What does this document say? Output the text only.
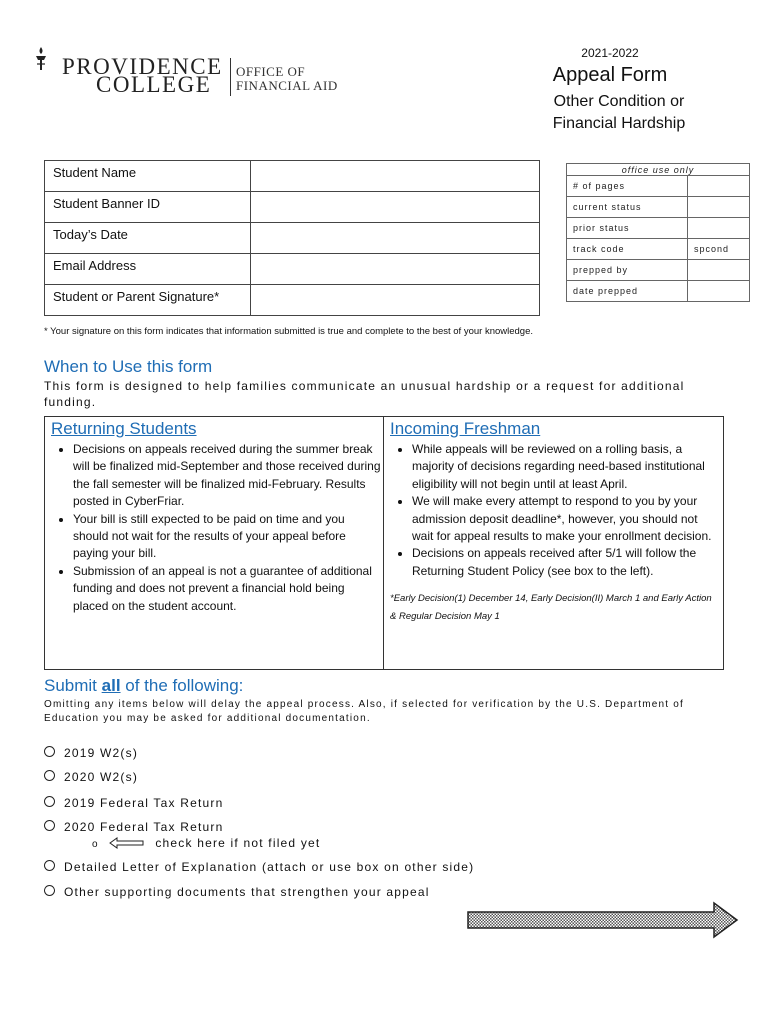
PROVIDENCE
COLLEGE
OFFICE OF
FINANCIAL AID
2021-2022
Appeal Form
Other Condition or
Financial Hardship
Student Name	
Student Banner ID	
Today’s Date	
Email Address	
Student or Parent Signature*	
office use only	
# of pages	
current status	
prior status	
track code	spcond
prepped by	
date prepped	
* Your signature on this form indicates that information submitted is true and complete to the best of your knowledge.
When to Use this form
This form is designed to help families communicate an unusual hardship or a request for additional funding.
Returning Students
• Decisions on appeals received during the summer break will be finalized mid-September and those received during the fall semester will be finalized mid-February. Results posted in CyberFriar.
• Your bill is still expected to be paid on time and you should not wait for the results of your appeal before paying your bill.
• Submission of an appeal is not a guarantee of additional funding and does not prevent a financial hold being placed on the student account.
Incoming Freshman
• While appeals will be reviewed on a rolling basis, a majority of decisions regarding need-based institutional eligibility will not begin until at least April.
• We will make every attempt to respond to you by your admission deposit deadline*, however, you should not wait for appeal results to make your enrollment decision.
• Decisions on appeals received after 5/1 will follow the Returning Student Policy (see box to the left).
*Early Decision(1) December 14, Early Decision(II) March 1 and Early Action & Regular Decision May 1
Submit all of the following:
Omitting any items below will delay the appeal process. Also, if selected for verification by the U.S. Department of Education you may be asked for additional documentation.
2019 W2(s)
2020 W2(s)
2019 Federal Tax Return
2020 Federal Tax Return
o	check here if not filed yet
Detailed Letter of Explanation (attach or use box on other side)
Other supporting documents that strengthen your appeal
